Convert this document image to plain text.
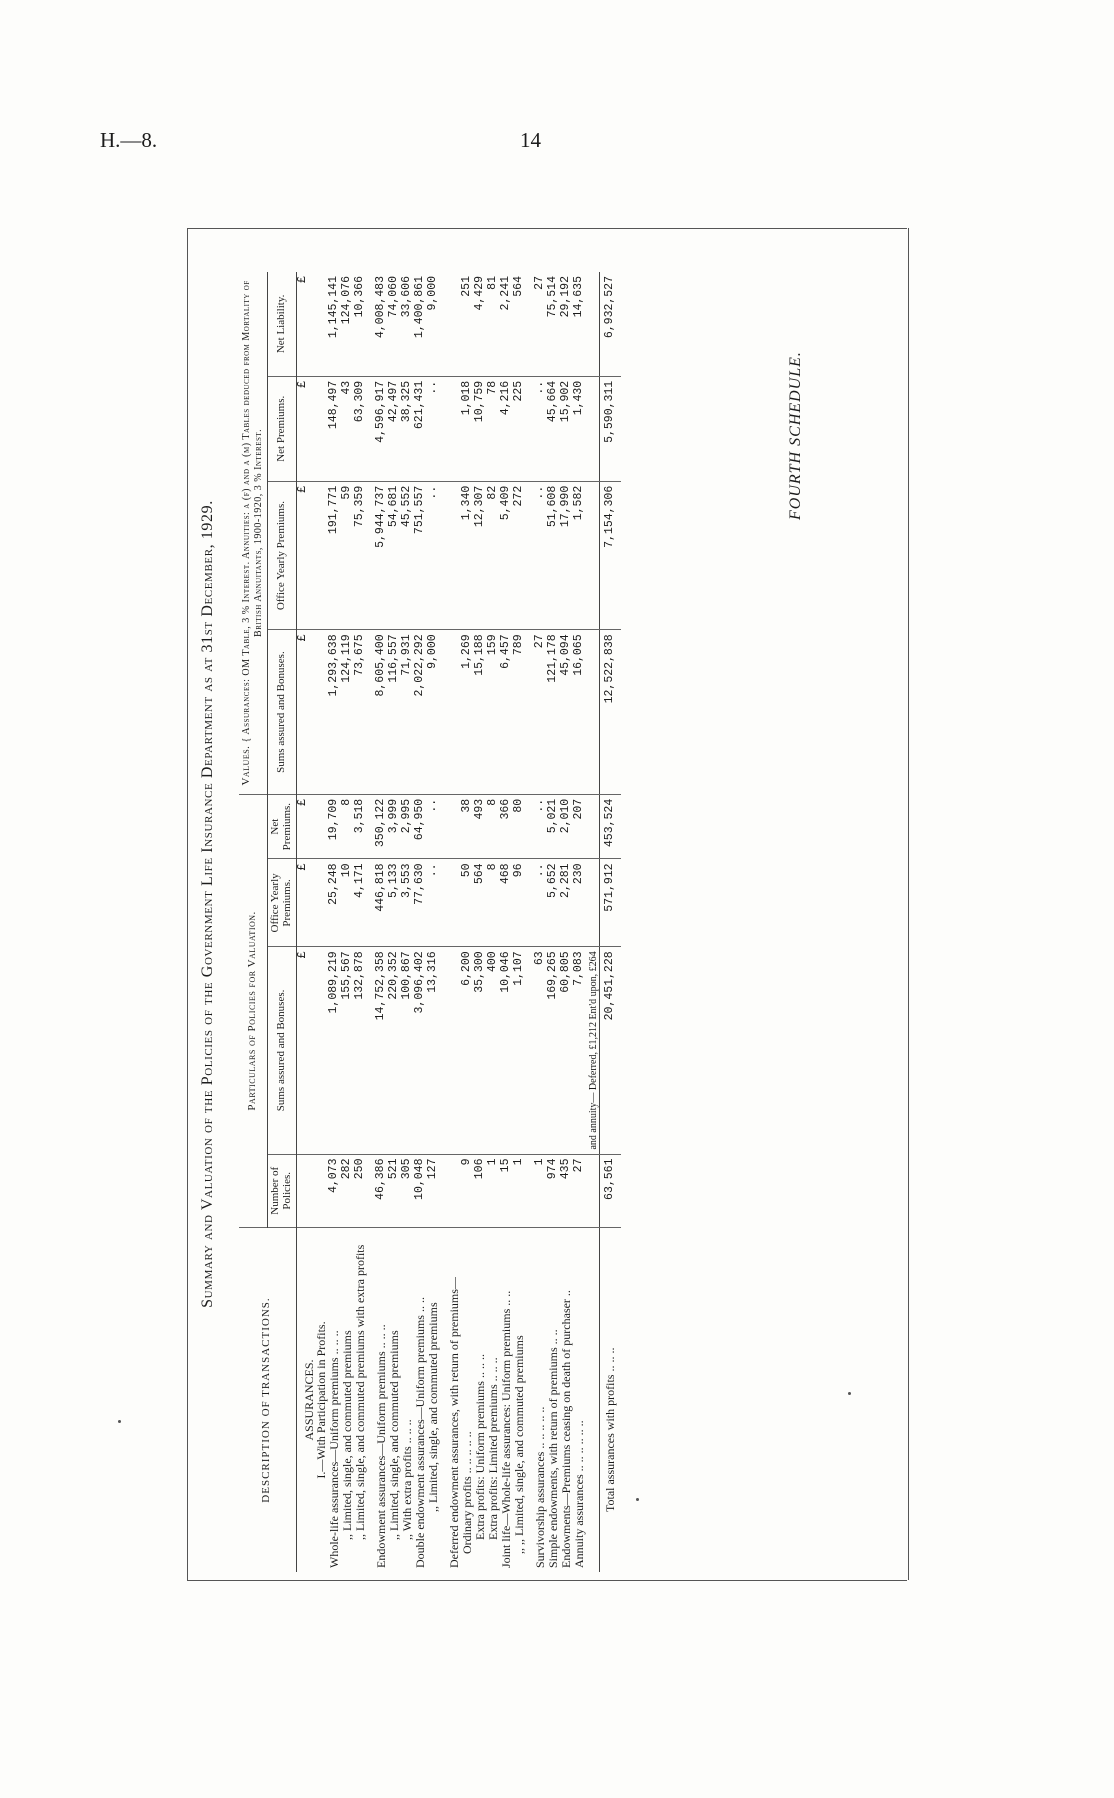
H.—8.	14
Summary and Valuation of the Policies of the Government Life Insurance Department as at 31st December, 1929.
FOURTH SCHEDULE.
DESCRIPTION OF TRANSACTIONS.	Particulars of Policies for Valuation.				Values. { Assurances: OM Table, 3 % Interest. Annuities: a (f) and a (m) Tables deduced from Mortality of British Annuitants, 1900-1920, 3 % Interest.			
	Number of Policies.	Sums assured and Bonuses.	Office Yearly Premiums.	Net Premiums.	Sums assured and Bonuses.	Office Yearly Premiums.	Net Premiums.	Net Liability.
ASSURANCES.		£	£	£	£	£	£	£
I.—With Participation in Profits.								
Whole-life assurances—Uniform premiums .. .. ..	4,073	1,089,219	25,248	19,709	1,293,638	191,771	148,497	1,145,141
,, Limited, single, and commuted premiums	282	155,567	10	8	124,119	59	43	124,076
,, Limited, single, and commuted premiums with extra profits	250	132,878	4,171	3,518	73,675	75,359	63,309	10,366

Endowment assurances—Uniform premiums .. .. ..	46,386	14,752,358	446,818	350,122	8,605,400	5,944,737	4,596,917	4,008,483
,, Limited, single, and commuted premiums	521	220,352	5,133	3,999	116,557	54,681	42,497	74,060
,, With extra profits .. .. ..	305	100,867	3,553	2,995	71,931	45,552	38,325	33,606
Double endowment assurances—Uniform premiums .. ..	10,048	3,096,402	77,630	64,950	2,022,292	751,557	621,431	1,400,861
,, Limited, single, and commuted premiums	127	13,316	..	..	9,000	..	..	9,000

Deferred endowment assurances, with return of premiums—								
Ordinary profits .. .. .. .. ..	9	6,200	50	38	1,269	1,340	1,018	251
Extra profits: Uniform premiums .. .. ..	106	35,300	564	493	15,188	12,307	10,759	4,429
Extra profits: Limited premiums .. .. ..	1	400	8	8	159	82	78	81
Joint life—Whole-life assurances: Uniform premiums .. ..	15	10,046	468	366	6,457	5,409	4,216	2,241
,, ,, Limited, single, and commuted premiums	1	1,107	96	80	789	272	225	564

Survivorship assurances .. .. .. .. ..	1	63	..	..	27	..	..	27
Simple endowments, with return of premiums .. ..	974	169,265	5,652	5,021	121,178	51,608	45,664	75,514
Endowments—Premiums ceasing on death of purchaser ..	435	60,805	2,281	2,010	45,094	17,990	15,902	29,192
Annuity assurances .. .. .. .. .. ..	27	7,083	230	207	16,065	1,582	1,430	14,635
		and annuity— Deferred, £1,212 Ent'd upon, £264						
Total assurances with profits .. .. ..	63,561	20,451,228	571,912	453,524	12,522,838	7,154,306	5,590,311	6,932,527
